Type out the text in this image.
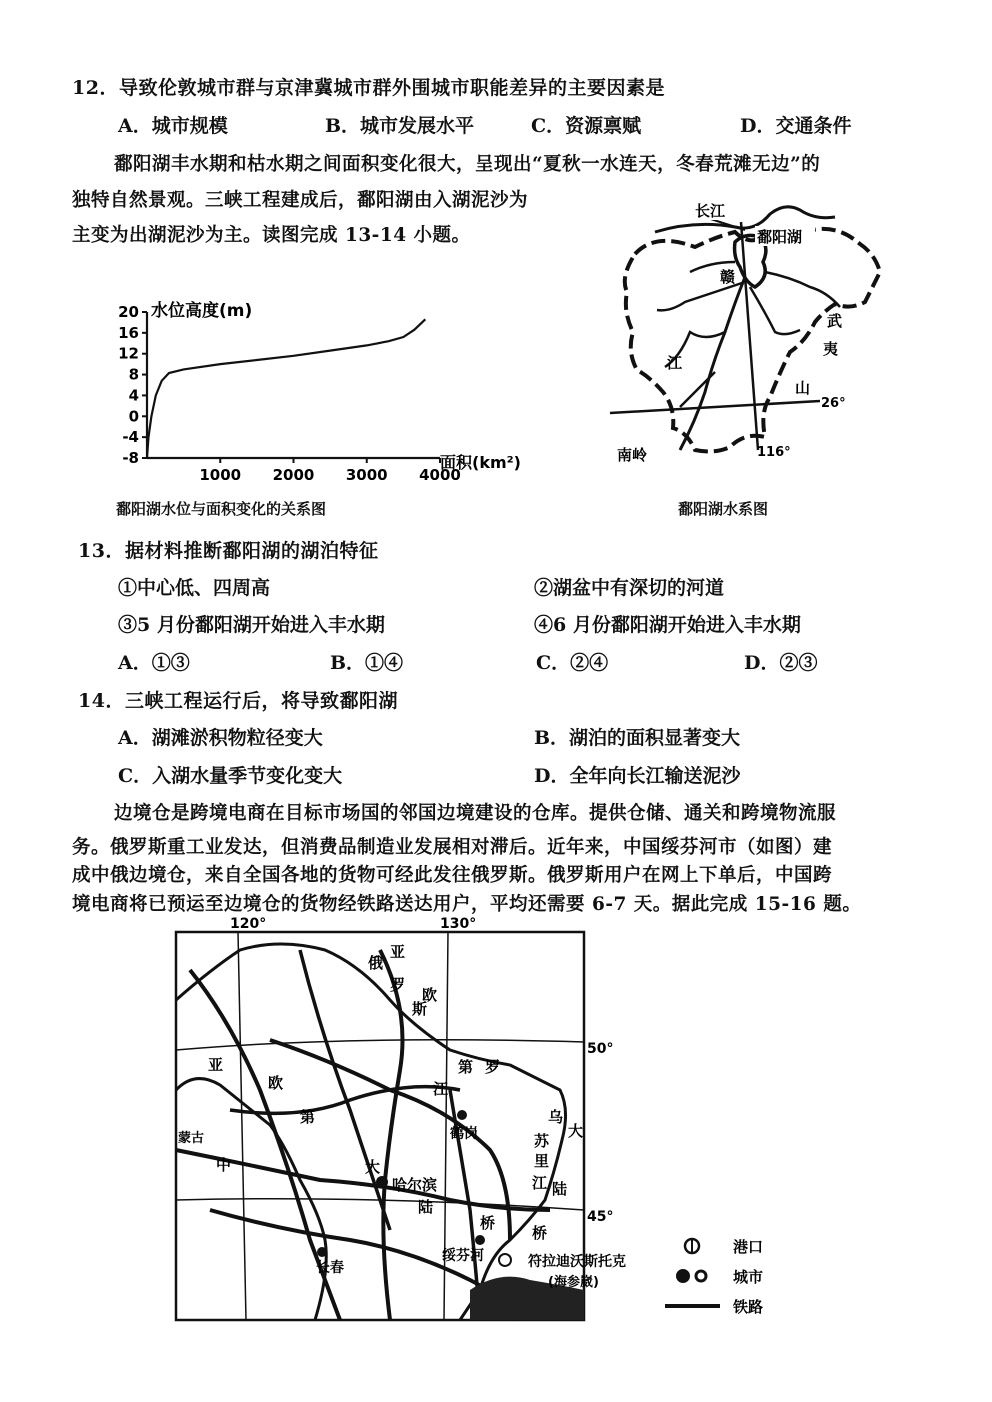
12．导致伦敦城市群与京津冀城市群外围城市职能差异的主要因素是
A．城市规模	B．城市发展水平	C．资源禀赋	D．交通条件
鄱阳湖丰水期和枯水期之间面积变化很大，呈现出“夏秋一水连天，冬春荒滩无边”的
独特自然景观。三峡工程建成后，鄱阳湖由入湖泥沙为
主变为出湖泥沙为主。读图完成 13-14 小题。
20
16
12
8
4
0
-4
-8
1000 2000 3000 4000
水位高度(m)
面积(km²)
鄱阳湖水位与面积变化的关系图
长江
鄱阳湖
赣
江
武
夷
山
南岭
26°
116°
鄱阳湖水系图
13．据材料推断鄱阳湖的湖泊特征
①中心低、四周高	②湖盆中有深切的河道
③5 月份鄱阳湖开始进入丰水期	④6 月份鄱阳湖开始进入丰水期
A．①③	B．①④	C．②④	D．②③
14．三峡工程运行后，将导致鄱阳湖
A．湖滩淤积物粒径变大	B．湖泊的面积显著变大
C．入湖水量季节变化变大	D．全年向长江输送泥沙
边境仓是跨境电商在目标市场国的邻国边境建设的仓库。提供仓储、通关和跨境物流服
务。俄罗斯重工业发达，但消费品制造业发展相对滞后。近年来，中国绥芬河市（如图）建
成中俄边境仓，来自全国各地的货物可经此发往俄罗斯。俄罗斯用户在网上下单后，中国跨
境电商将已预运至边境仓的货物经铁路送达用户，平均还需要 6-7 天。据此完成 15-16 题。
120°	130°
50°
45°
俄
罗
斯
亚
欧
亚
欧
蒙古
中
第
第 罗
江
大
陆
鹤岗
哈尔滨
长春
绥芬河
乌
苏
里
江
大
陆
桥
桥
符拉迪沃斯托克
(海参崴)
港口
城市
铁路
